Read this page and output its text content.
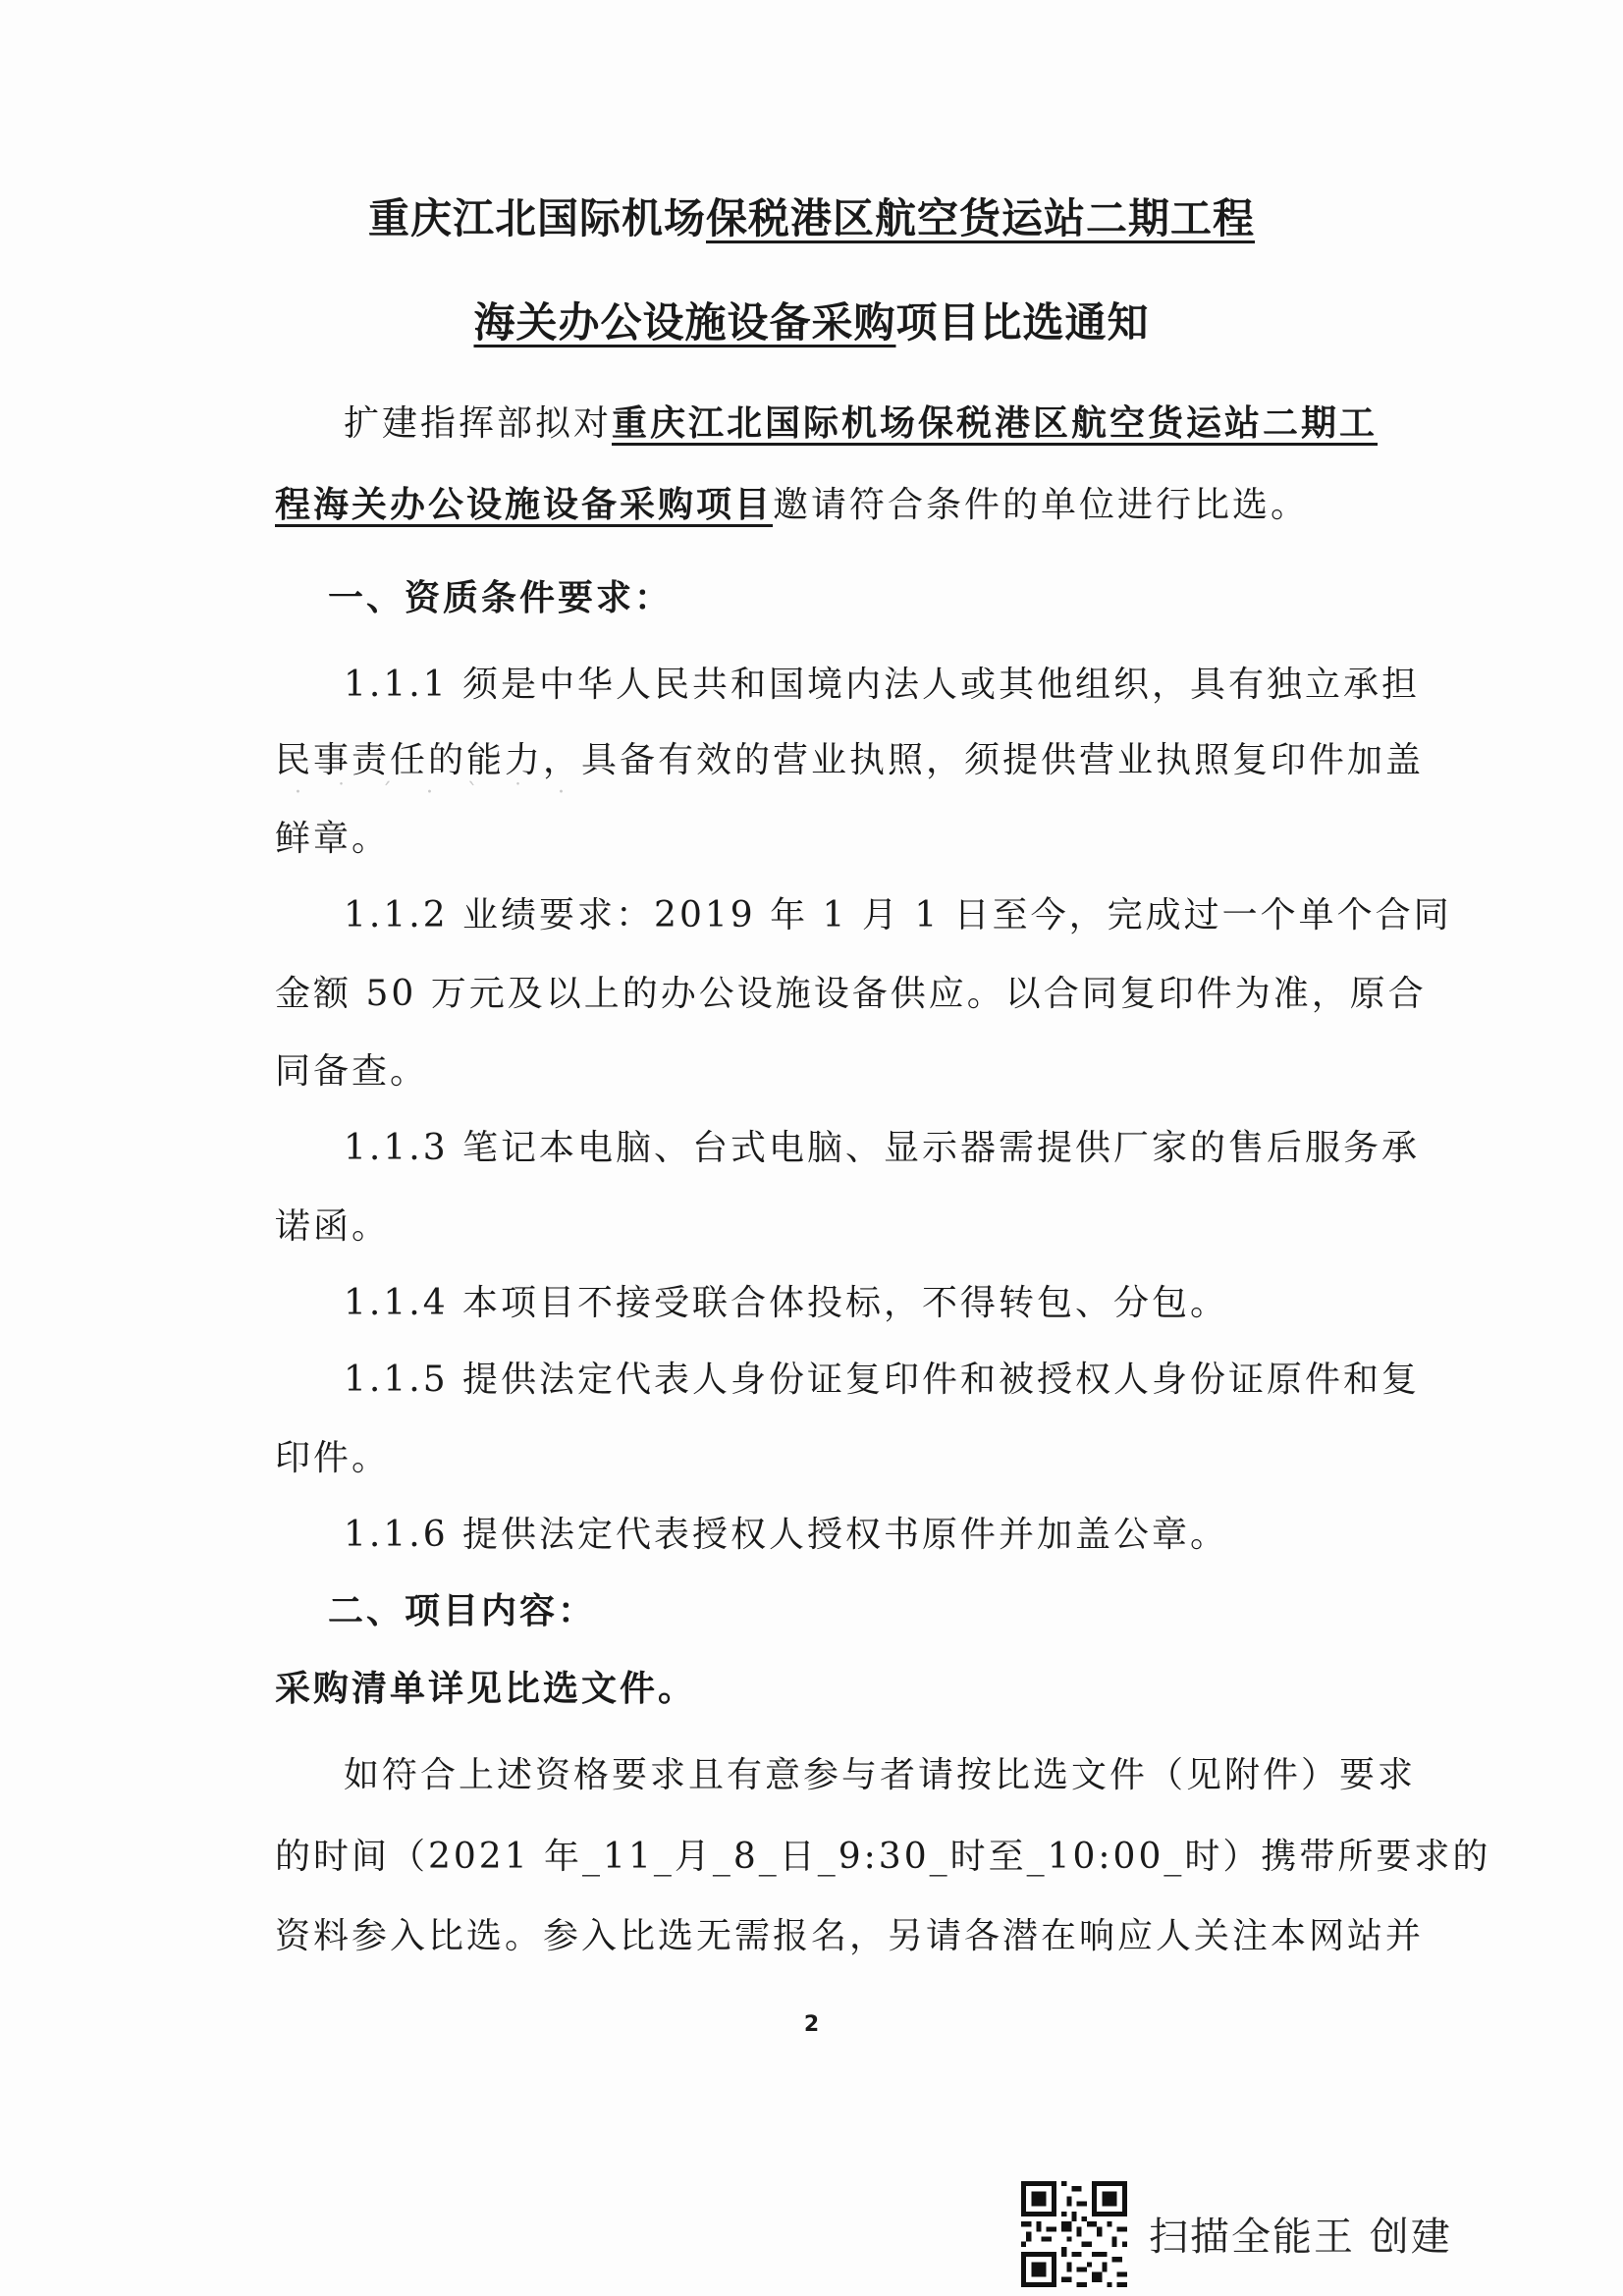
重庆江北国际机场保税港区航空货运站二期工程
海关办公设施设备采购项目比选通知
扩建指挥部拟对重庆江北国际机场保税港区航空货运站二期工
程海关办公设施设备采购项目邀请符合条件的单位进行比选。
一、资质条件要求：
1.1.1 须是中华人民共和国境内法人或其他组织，具有独立承担
民事责任的能力，具备有效的营业执照，须提供营业执照复印件加盖
· ˙ ˊ · ˋ ˙ ·
鲜章。
1.1.2 业绩要求：2019 年 1 月 1 日至今，完成过一个单个合同
金额 50 万元及以上的办公设施设备供应。以合同复印件为准，原合
同备查。
1.1.3 笔记本电脑、台式电脑、显示器需提供厂家的售后服务承
诺函。
1.1.4 本项目不接受联合体投标，不得转包、分包。
1.1.5 提供法定代表人身份证复印件和被授权人身份证原件和复
印件。
1.1.6 提供法定代表授权人授权书原件并加盖公章。
二、项目内容：
采购清单详见比选文件。
如符合上述资格要求且有意参与者请按比选文件（见附件）要求
的时间（2021 年_11_月_8_日_9:30_时至_10:00_时）携带所要求的
资料参入比选。参入比选无需报名，另请各潜在响应人关注本网站并
2
扫描全能王 创建
